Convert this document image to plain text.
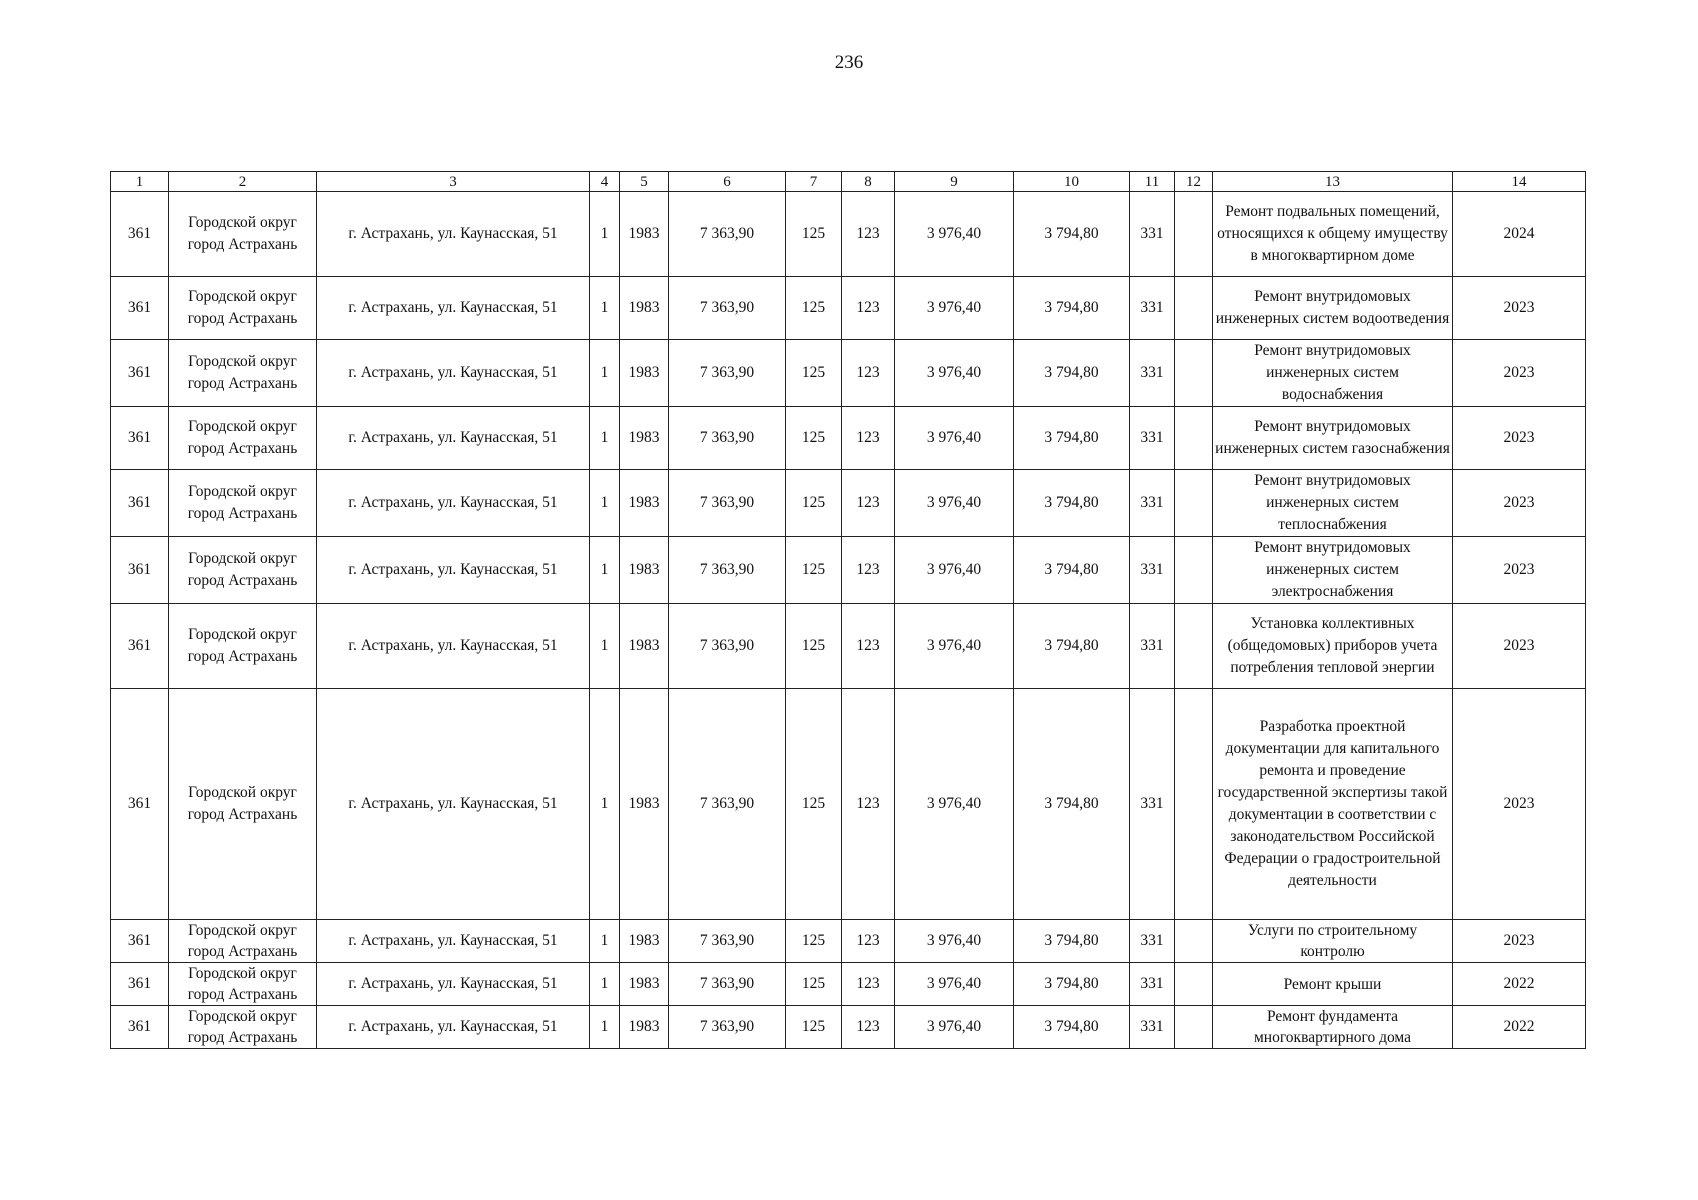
236
1	2	3	4	5	6	7	8	9	10	11	12	13	14
361	Городской округ город Астрахань	г. Астрахань, ул. Каунасская, 51	1	1983	7 363,90	125	123	3 976,40	3 794,80	331		Ремонт подвальных помещений, относящихся к общему имуществу в многоквартирном доме	2024
361	Городской округ город Астрахань	г. Астрахань, ул. Каунасская, 51	1	1983	7 363,90	125	123	3 976,40	3 794,80	331		Ремонт внутридомовых инженерных систем водоотведения	2023
361	Городской округ город Астрахань	г. Астрахань, ул. Каунасская, 51	1	1983	7 363,90	125	123	3 976,40	3 794,80	331		Ремонт внутридомовых инженерных систем водоснабжения	2023
361	Городской округ город Астрахань	г. Астрахань, ул. Каунасская, 51	1	1983	7 363,90	125	123	3 976,40	3 794,80	331		Ремонт внутридомовых инженерных систем газоснабжения	2023
361	Городской округ город Астрахань	г. Астрахань, ул. Каунасская, 51	1	1983	7 363,90	125	123	3 976,40	3 794,80	331		Ремонт внутридомовых инженерных систем теплоснабжения	2023
361	Городской округ город Астрахань	г. Астрахань, ул. Каунасская, 51	1	1983	7 363,90	125	123	3 976,40	3 794,80	331		Ремонт внутридомовых инженерных систем электроснабжения	2023
361	Городской округ город Астрахань	г. Астрахань, ул. Каунасская, 51	1	1983	7 363,90	125	123	3 976,40	3 794,80	331		Установка коллективных (общедомовых) приборов учета потребления тепловой энергии	2023
361	Городской округ город Астрахань	г. Астрахань, ул. Каунасская, 51	1	1983	7 363,90	125	123	3 976,40	3 794,80	331		Разработка проектной документации для капитального ремонта и проведение государственной экспертизы такой документации в соответствии с законодательством Российской Федерации о градостроительной деятельности	2023
361	Городской округ город Астрахань	г. Астрахань, ул. Каунасская, 51	1	1983	7 363,90	125	123	3 976,40	3 794,80	331		Услуги по строительному контролю	2023
361	Городской округ город Астрахань	г. Астрахань, ул. Каунасская, 51	1	1983	7 363,90	125	123	3 976,40	3 794,80	331		Ремонт крыши	2022
361	Городской округ город Астрахань	г. Астрахань, ул. Каунасская, 51	1	1983	7 363,90	125	123	3 976,40	3 794,80	331		Ремонт фундамента многоквартирного дома	2022
